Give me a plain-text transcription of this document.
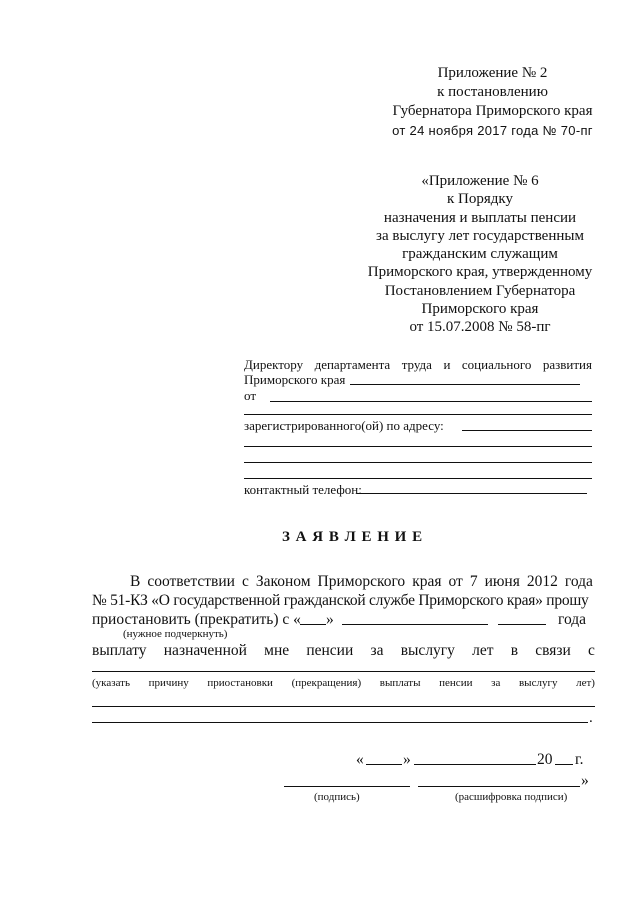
Приложение № 2
к постановлению
Губернатора Приморского края
от 24 ноября 2017 года № 70-пг
«Приложение № 6
к Порядку
назначения и выплаты пенсии
за выслугу лет государственным
гражданским служащим
Приморского края, утвержденному
Постановлением Губернатора
Приморского края
от 15.07.2008 № 58-пг
Директору департамента труда и социального развития
Приморского края
от
зарегистрированного(ой) по адресу:
контактный телефон:
З А Я В Л Е Н И Е
В соответствии с Законом Приморского края от 7 июня 2012 года
№ 51-КЗ «О государственной гражданской службе Приморского края» прошу
приостановить (прекратить) с « »	года
(нужное подчеркнуть)
выплату назначенной мне пенсии за выслугу лет в связи с
(указать причину приостановки (прекращения) выплаты пенсии за выслугу лет)
.
«	»	20 г.
»
(подпись)	(расшифровка подписи)
